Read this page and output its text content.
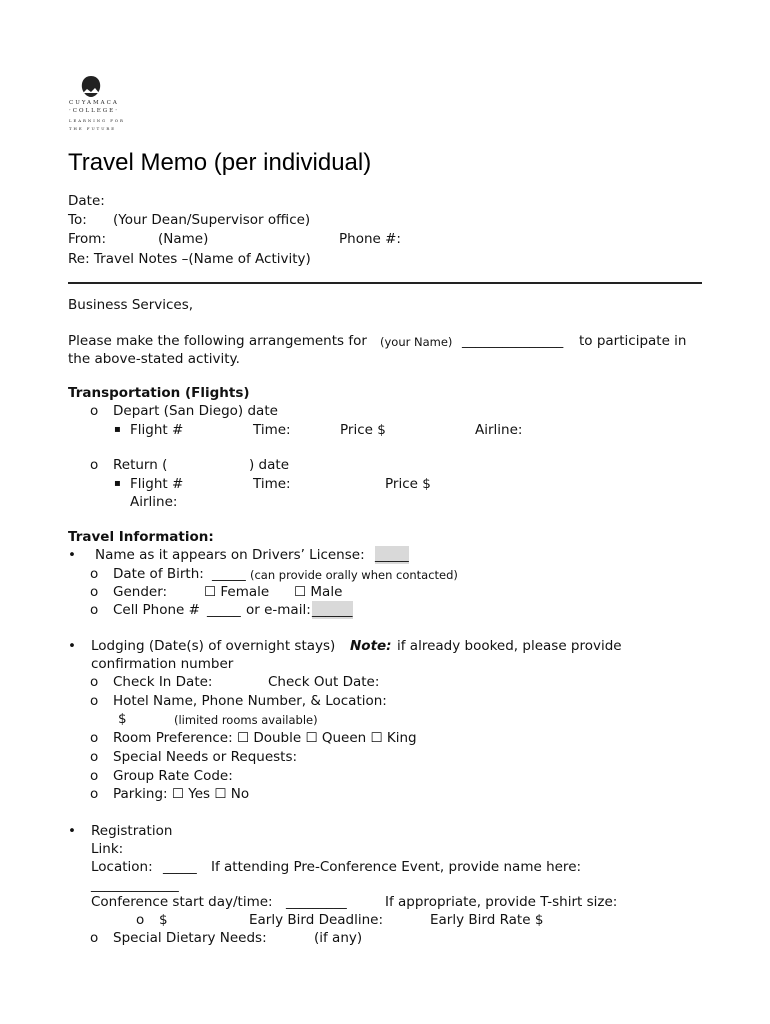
CUYAMACA
·COLLEGE·
LEARNING FOR
THE FUTURE
Travel Memo (per individual)
Date:
To: (Your Dean/Supervisor office)
From:	(Name)	Phone #:
Re: Travel Notes –(Name of Activity)
Business Services,
Please make the following arrangements for (your Name) _______________ to participate in
the above-stated activity.
Transportation (Flights)
o Depart (San Diego) date
▪ Flight #	Time:	Price $	Airline:
o Return (	) date
▪ Flight #	Time:	Price $
Airline:
Travel Information:
• Name as it appears on Drivers’ License: _____
o Date of Birth: _____ (can provide orally when contacted)
o Gender:	☐ Female ☐ Male
o Cell Phone # _____ or e-mail: ______
• Lodging (Date(s) of overnight stays) Note: if already booked, please provide
confirmation number
o Check In Date:	Check Out Date:
o Hotel Name, Phone Number, & Location:
$	(limited rooms available)
o Room Preference: ☐ Double ☐ Queen ☐ King
o Special Needs or Requests:
o Group Rate Code:
o Parking: ☐ Yes ☐ No
• Registration
Link:
Location: _____ If attending Pre-Conference Event, provide name here:
_____________
Conference start day/time: _________	If appropriate, provide T-shirt size:
o $	Early Bird Deadline:	Early Bird Rate $
o Special Dietary Needs:	(if any)
